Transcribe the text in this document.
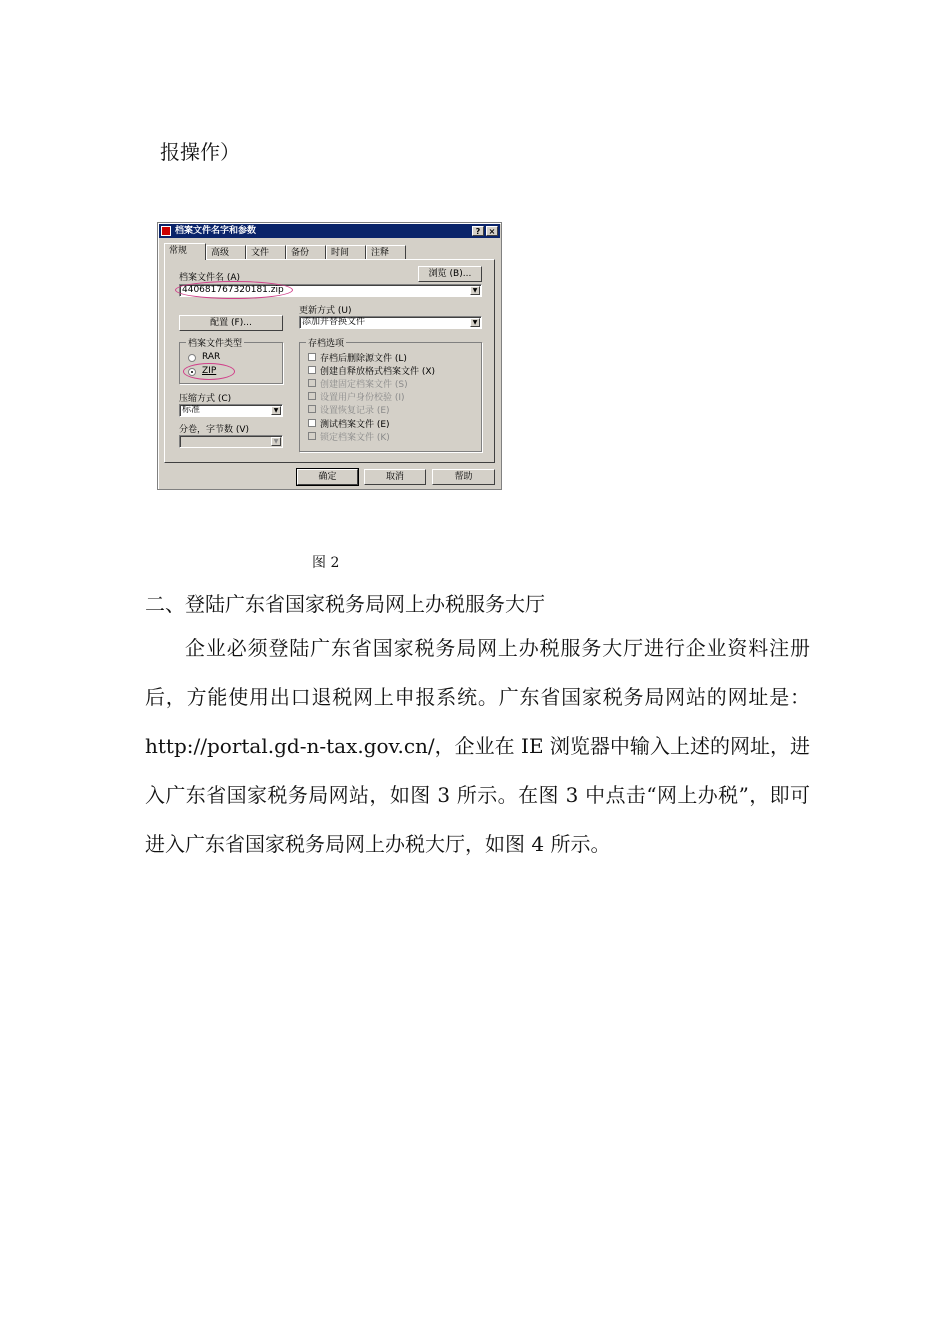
报操作）
档案文件名字和参数	?	×
常规	高级	文件	备份	时间	注释
档案文件名 (A)	浏览 (B)...
440681767320181.zip	▼
更新方式 (U)
配置 (F)...	添加并替换文件	▼
档案文件类型
RAR
ZIP
压缩方式 (C)
标准	▼
分卷，字节数 (V)
▼
存档选项
存档后删除源文件 (L)
创建自释放格式档案文件 (X)
创建固定档案文件 (S)
设置用户身份校验 (I)
设置恢复记录 (E)
测试档案文件 (E)
锁定档案文件 (K)
确定	取消	帮助
图 2
二、登陆广东省国家税务局网上办税服务大厅

企业必须登陆广东省国家税务局网上办税服务大厅进行企业资料注册后，方能使用出口退税网上申报系统。广东省国家税务局网站的网址是：http://portal.gd-n-tax.gov.cn/，企业在 IE 浏览器中输入上述的网址，进入广东省国家税务局网站，如图 3 所示。在图 3 中点击“网上办税”，即可进入广东省国家税务局网上办税大厅，如图 4 所示。
